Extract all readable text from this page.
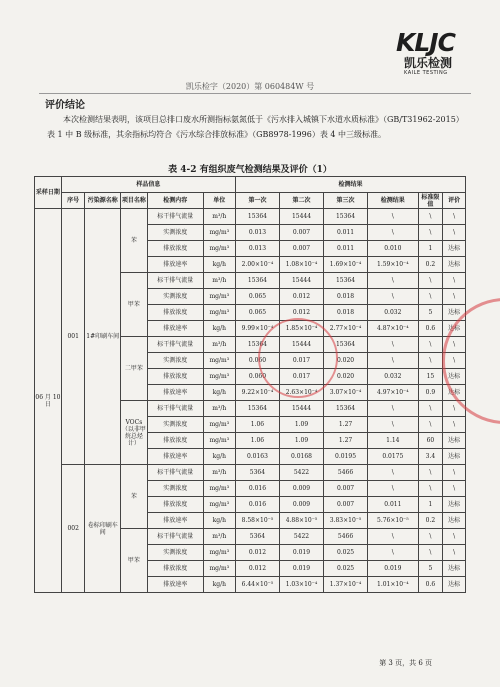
KLJC
凯乐检测
KAILE TESTING
凯乐检字（2020）第 060484W 号
评价结论
本次检测结果表明，该项目总排口废水所测指标氨氮低于《污水排入城镇下水道水质标准》（GB/T31962-2015）表 1 中 B 级标准，其余指标均符合《污水综合排放标准》（GB8978-1996）表 4 中三级标准。
表 4-2 有组织废气检测结果及评价（1）
采样日期	样品信息					检测结果					
	序号	污染源名称	项目名称	检测内容	单位	第一次	第二次	第三次	检测结果	标准限值	评价
06 月 10 日	001	1#印刷车间	苯	标干排气流量	m³/h	15364	15444	15364	\	\	\
				实测浓度	mg/m³	0.013	0.007	0.011	\	\	\
				排放浓度	mg/m³	0.013	0.007	0.011	0.010	1	达标
				排放速率	kg/h	2.00×10⁻⁴	1.08×10⁻⁴	1.69×10⁻⁴	1.59×10⁻⁴	0.2	达标
			甲苯	标干排气流量	m³/h	15364	15444	15364	\	\	\
				实测浓度	mg/m³	0.065	0.012	0.018	\	\	\
				排放浓度	mg/m³	0.065	0.012	0.018	0.032	5	达标
				排放速率	kg/h	9.99×10⁻⁴	1.85×10⁻⁴	2.77×10⁻⁴	4.87×10⁻⁴	0.6	达标
			二甲苯	标干排气流量	m³/h	15364	15444	15364	\	\	\
				实测浓度	mg/m³	0.060	0.017	0.020	\	\	\
				排放浓度	mg/m³	0.060	0.017	0.020	0.032	15	达标
				排放速率	kg/h	9.22×10⁻⁴	2.63×10⁻⁴	3.07×10⁻⁴	4.97×10⁻⁴	0.9	达标
			VOCs（以非甲烷总烃计）	标干排气流量	m³/h	15364	15444	15364	\	\	\
				实测浓度	mg/m³	1.06	1.09	1.27	\	\	\
				排放浓度	mg/m³	1.06	1.09	1.27	1.14	60	达标
				排放速率	kg/h	0.0163	0.0168	0.0195	0.0175	3.4	达标
	002	卷标印刷车间	苯	标干排气流量	m³/h	5364	5422	5466	\	\	\
				实测浓度	mg/m³	0.016	0.009	0.007	\	\	\
				排放浓度	mg/m³	0.016	0.009	0.007	0.011	1	达标
				排放速率	kg/h	8.58×10⁻⁵	4.88×10⁻⁵	3.83×10⁻⁵	5.76×10⁻⁵	0.2	达标
			甲苯	标干排气流量	m³/h	5364	5422	5466	\	\	\
				实测浓度	mg/m³	0.012	0.019	0.025	\	\	\
				排放浓度	mg/m³	0.012	0.019	0.025	0.019	5	达标
				排放速率	kg/h	6.44×10⁻⁵	1.03×10⁻⁴	1.37×10⁻⁴	1.01×10⁻⁴	0.6	达标
第 3 页，共 6 页
